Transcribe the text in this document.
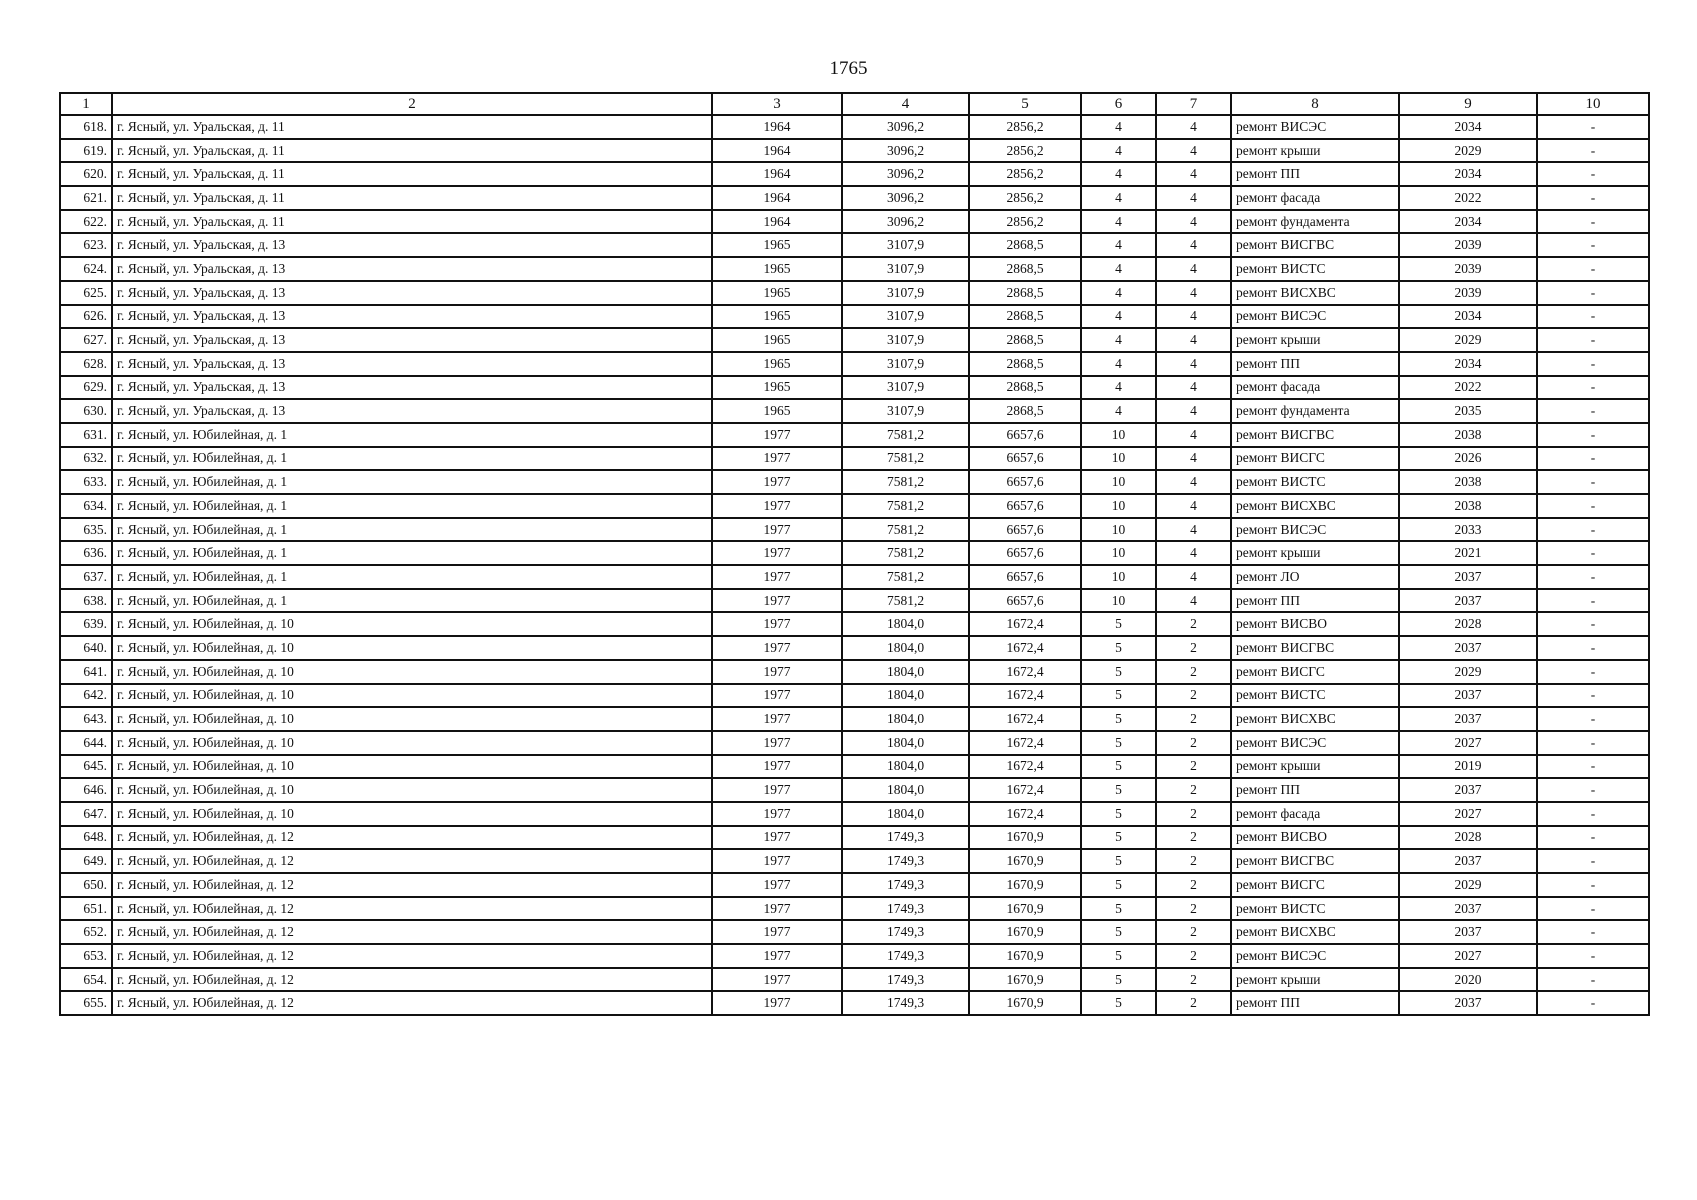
1765
1	2	3	4	5	6	7	8	9	10
618.	г. Ясный, ул. Уральская, д. 11	1964	3096,2	2856,2	4	4	ремонт ВИСЭС	2034	-
619.	г. Ясный, ул. Уральская, д. 11	1964	3096,2	2856,2	4	4	ремонт крыши	2029	-
620.	г. Ясный, ул. Уральская, д. 11	1964	3096,2	2856,2	4	4	ремонт ПП	2034	-
621.	г. Ясный, ул. Уральская, д. 11	1964	3096,2	2856,2	4	4	ремонт фасада	2022	-
622.	г. Ясный, ул. Уральская, д. 11	1964	3096,2	2856,2	4	4	ремонт фундамента	2034	-
623.	г. Ясный, ул. Уральская, д. 13	1965	3107,9	2868,5	4	4	ремонт ВИСГВС	2039	-
624.	г. Ясный, ул. Уральская, д. 13	1965	3107,9	2868,5	4	4	ремонт ВИСТС	2039	-
625.	г. Ясный, ул. Уральская, д. 13	1965	3107,9	2868,5	4	4	ремонт ВИСХВС	2039	-
626.	г. Ясный, ул. Уральская, д. 13	1965	3107,9	2868,5	4	4	ремонт ВИСЭС	2034	-
627.	г. Ясный, ул. Уральская, д. 13	1965	3107,9	2868,5	4	4	ремонт крыши	2029	-
628.	г. Ясный, ул. Уральская, д. 13	1965	3107,9	2868,5	4	4	ремонт ПП	2034	-
629.	г. Ясный, ул. Уральская, д. 13	1965	3107,9	2868,5	4	4	ремонт фасада	2022	-
630.	г. Ясный, ул. Уральская, д. 13	1965	3107,9	2868,5	4	4	ремонт фундамента	2035	-
631.	г. Ясный, ул. Юбилейная, д. 1	1977	7581,2	6657,6	10	4	ремонт ВИСГВС	2038	-
632.	г. Ясный, ул. Юбилейная, д. 1	1977	7581,2	6657,6	10	4	ремонт ВИСГС	2026	-
633.	г. Ясный, ул. Юбилейная, д. 1	1977	7581,2	6657,6	10	4	ремонт ВИСТС	2038	-
634.	г. Ясный, ул. Юбилейная, д. 1	1977	7581,2	6657,6	10	4	ремонт ВИСХВС	2038	-
635.	г. Ясный, ул. Юбилейная, д. 1	1977	7581,2	6657,6	10	4	ремонт ВИСЭС	2033	-
636.	г. Ясный, ул. Юбилейная, д. 1	1977	7581,2	6657,6	10	4	ремонт крыши	2021	-
637.	г. Ясный, ул. Юбилейная, д. 1	1977	7581,2	6657,6	10	4	ремонт ЛО	2037	-
638.	г. Ясный, ул. Юбилейная, д. 1	1977	7581,2	6657,6	10	4	ремонт ПП	2037	-
639.	г. Ясный, ул. Юбилейная, д. 10	1977	1804,0	1672,4	5	2	ремонт ВИСВО	2028	-
640.	г. Ясный, ул. Юбилейная, д. 10	1977	1804,0	1672,4	5	2	ремонт ВИСГВС	2037	-
641.	г. Ясный, ул. Юбилейная, д. 10	1977	1804,0	1672,4	5	2	ремонт ВИСГС	2029	-
642.	г. Ясный, ул. Юбилейная, д. 10	1977	1804,0	1672,4	5	2	ремонт ВИСТС	2037	-
643.	г. Ясный, ул. Юбилейная, д. 10	1977	1804,0	1672,4	5	2	ремонт ВИСХВС	2037	-
644.	г. Ясный, ул. Юбилейная, д. 10	1977	1804,0	1672,4	5	2	ремонт ВИСЭС	2027	-
645.	г. Ясный, ул. Юбилейная, д. 10	1977	1804,0	1672,4	5	2	ремонт крыши	2019	-
646.	г. Ясный, ул. Юбилейная, д. 10	1977	1804,0	1672,4	5	2	ремонт ПП	2037	-
647.	г. Ясный, ул. Юбилейная, д. 10	1977	1804,0	1672,4	5	2	ремонт фасада	2027	-
648.	г. Ясный, ул. Юбилейная, д. 12	1977	1749,3	1670,9	5	2	ремонт ВИСВО	2028	-
649.	г. Ясный, ул. Юбилейная, д. 12	1977	1749,3	1670,9	5	2	ремонт ВИСГВС	2037	-
650.	г. Ясный, ул. Юбилейная, д. 12	1977	1749,3	1670,9	5	2	ремонт ВИСГС	2029	-
651.	г. Ясный, ул. Юбилейная, д. 12	1977	1749,3	1670,9	5	2	ремонт ВИСТС	2037	-
652.	г. Ясный, ул. Юбилейная, д. 12	1977	1749,3	1670,9	5	2	ремонт ВИСХВС	2037	-
653.	г. Ясный, ул. Юбилейная, д. 12	1977	1749,3	1670,9	5	2	ремонт ВИСЭС	2027	-
654.	г. Ясный, ул. Юбилейная, д. 12	1977	1749,3	1670,9	5	2	ремонт крыши	2020	-
655.	г. Ясный, ул. Юбилейная, д. 12	1977	1749,3	1670,9	5	2	ремонт ПП	2037	-
